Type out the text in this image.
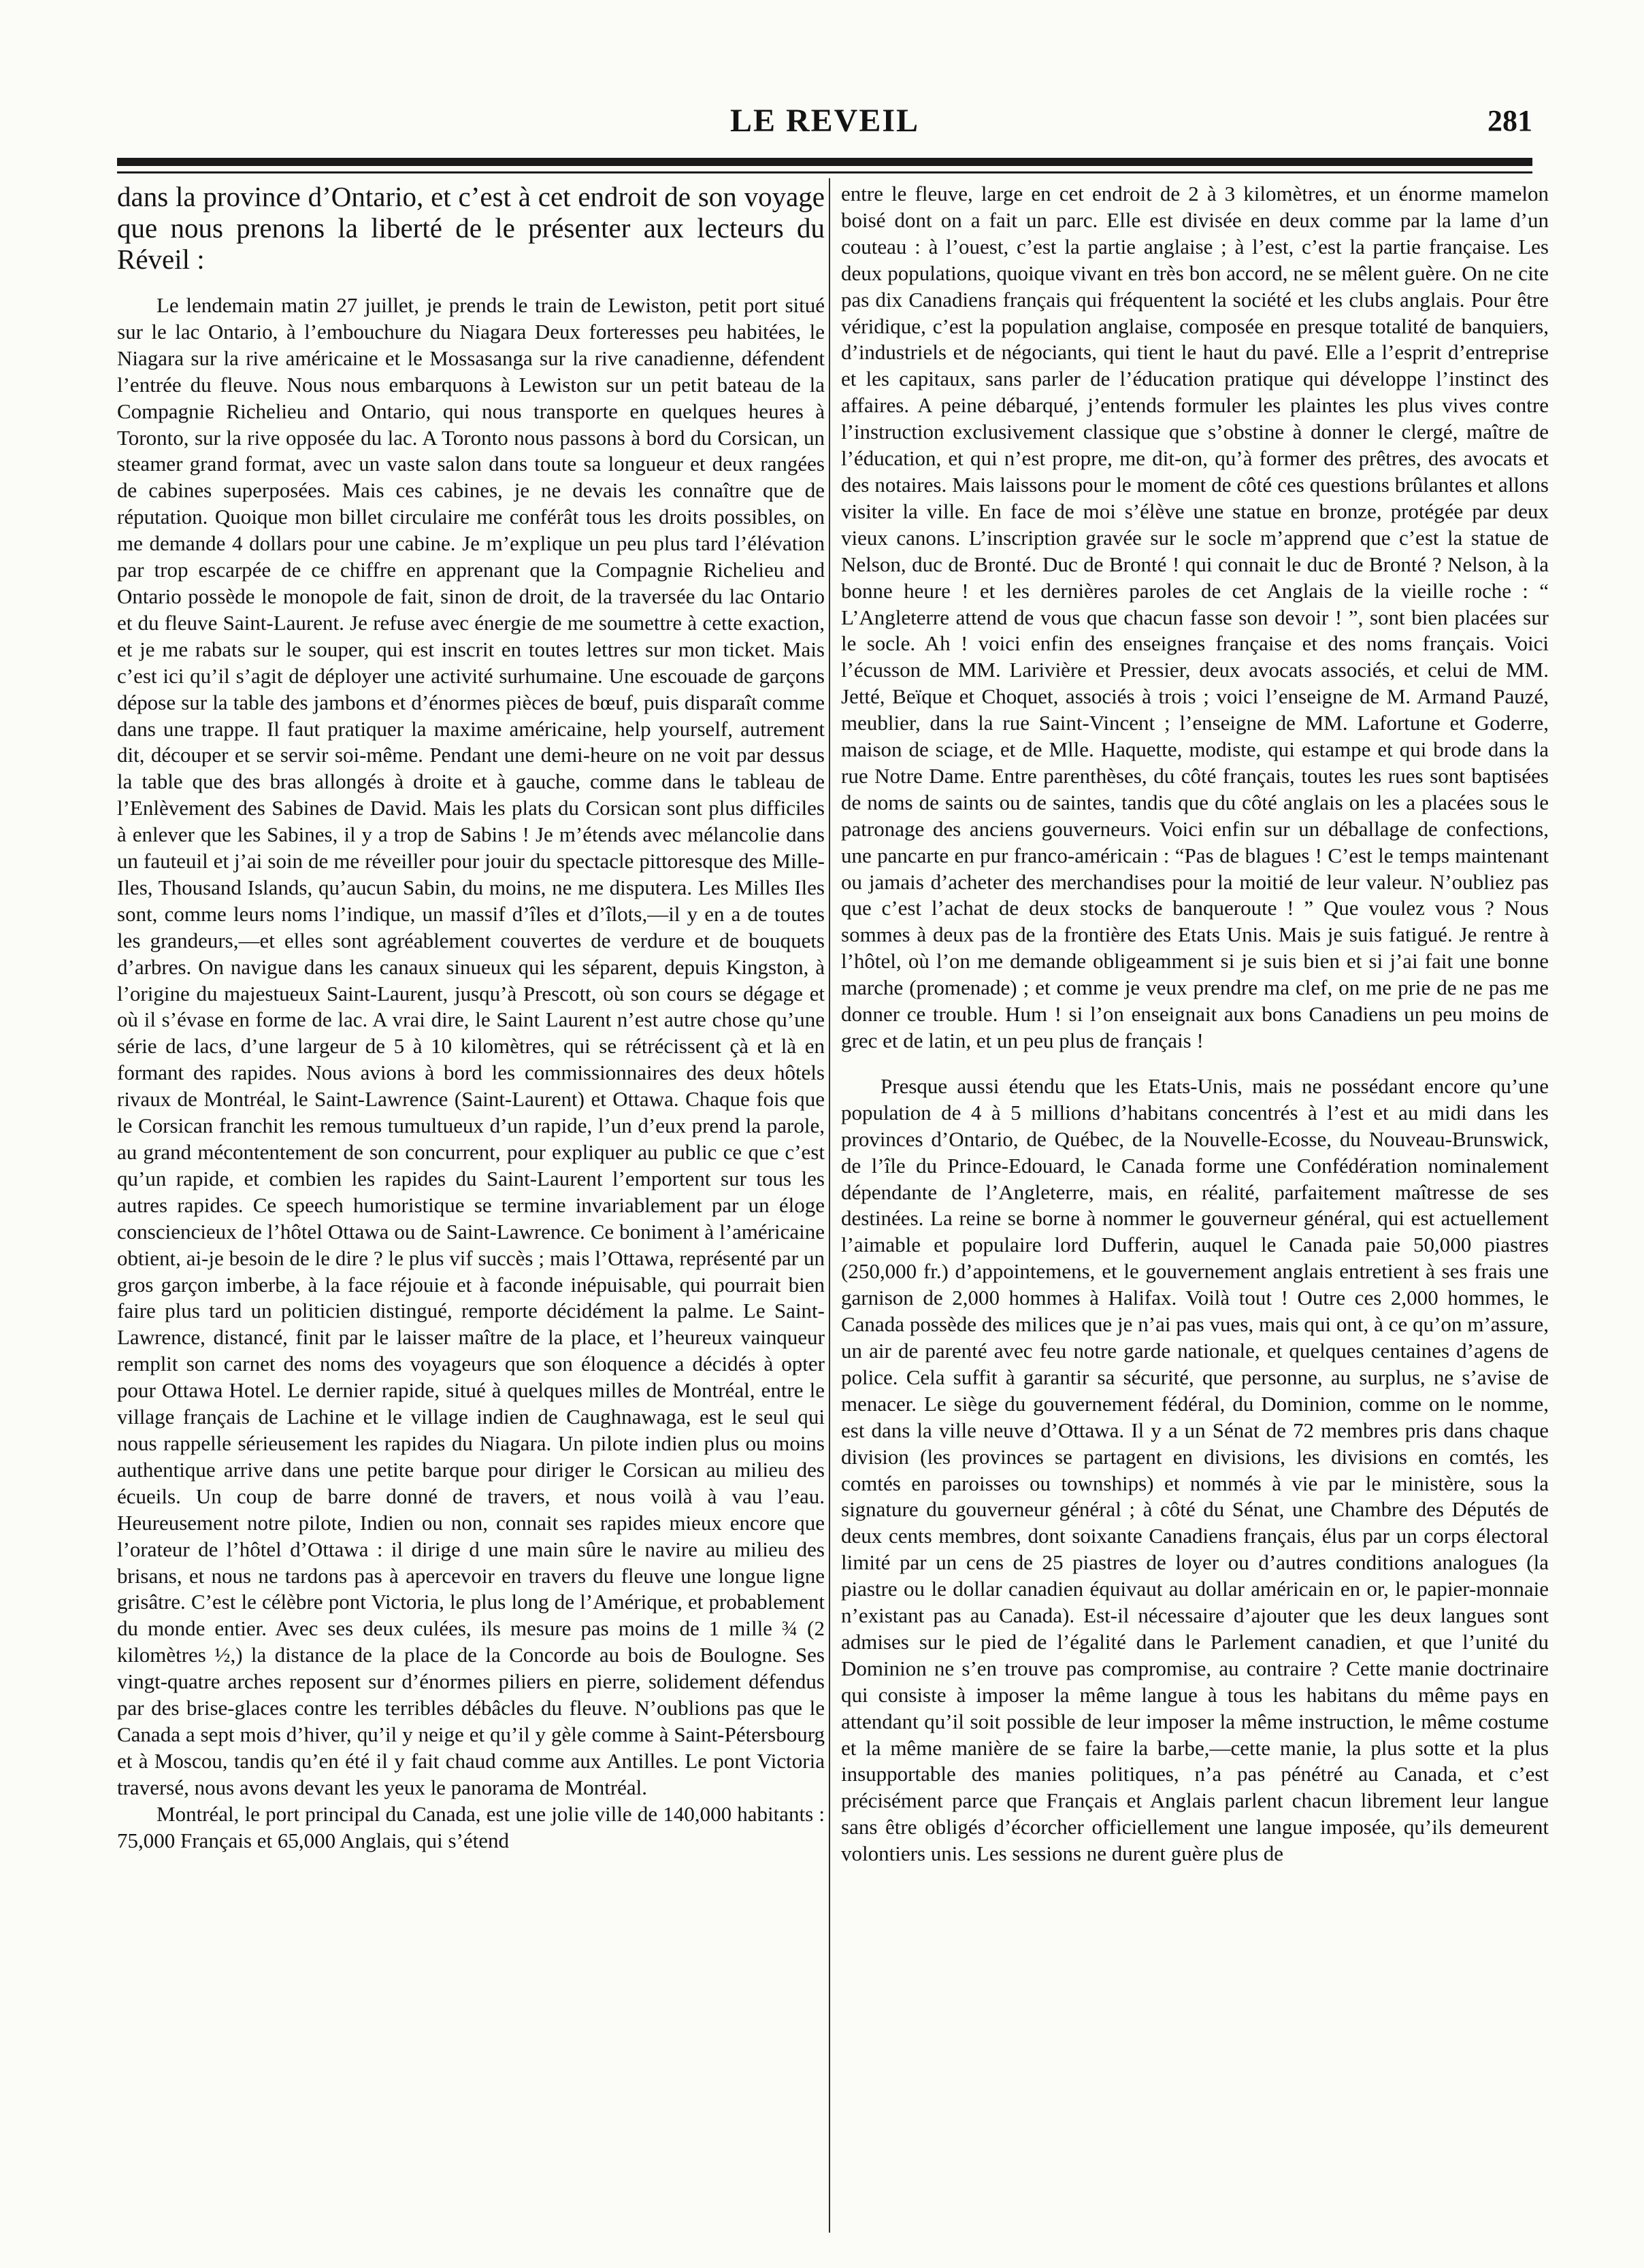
LE REVEIL	281

dans la province d’Ontario, et c’est à cet endroit de son voyage que nous prenons la liberté de le présenter aux lecteurs du Réveil :

Le lendemain matin 27 juillet, je prends le train de Lewiston, petit port situé sur le lac Ontario, à l’embouchure du Niagara Deux forteresses peu habitées, le Niagara sur la rive américaine et le Mossasanga sur la rive canadienne, défendent l’entrée du fleuve. Nous nous embarquons à Lewiston sur un petit bateau de la Compagnie Richelieu and Ontario, qui nous transporte en quelques heures à Toronto, sur la rive opposée du lac. A Toronto nous passons à bord du Corsican, un steamer grand format, avec un vaste salon dans toute sa longueur et deux rangées de cabines superposées. Mais ces cabines, je ne devais les connaître que de réputation. Quoique mon billet circulaire me conférât tous les droits possibles, on me demande 4 dollars pour une cabine. Je m’explique un peu plus tard l’élévation par trop escarpée de ce chiffre en apprenant que la Compagnie Richelieu and Ontario possède le monopole de fait, sinon de droit, de la traversée du lac Ontario et du fleuve Saint-Laurent. Je refuse avec énergie de me soumettre à cette exaction, et je me rabats sur le souper, qui est inscrit en toutes lettres sur mon ticket. Mais c’est ici qu’il s’agit de déployer une activité surhumaine. Une escouade de garçons dépose sur la table des jambons et d’énormes pièces de bœuf, puis disparaît comme dans une trappe. Il faut pratiquer la maxime américaine, help yourself, autrement dit, découper et se servir soi-même. Pendant une demi-heure on ne voit par dessus la table que des bras allongés à droite et à gauche, comme dans le tableau de l’Enlèvement des Sabines de David. Mais les plats du Corsican sont plus difficiles à enlever que les Sabines, il y a trop de Sabins ! Je m’étends avec mélancolie dans un fauteuil et j’ai soin de me réveiller pour jouir du spectacle pittoresque des Mille-Iles, Thousand Islands, qu’aucun Sabin, du moins, ne me disputera. Les Milles Iles sont, comme leurs noms l’indique, un massif d’îles et d’îlots,—il y en a de toutes les grandeurs,—et elles sont agréablement couvertes de verdure et de bouquets d’arbres. On navigue dans les canaux sinueux qui les séparent, depuis Kingston, à l’origine du majestueux Saint-Laurent, jusqu’à Prescott, où son cours se dégage et où il s’évase en forme de lac. A vrai dire, le Saint Laurent n’est autre chose qu’une série de lacs, d’une largeur de 5 à 10 kilomètres, qui se rétrécissent çà et là en formant des rapides. Nous avions à bord les commissionnaires des deux hôtels rivaux de Montréal, le Saint-Lawrence (Saint-Laurent) et Ottawa. Chaque fois que le Corsican franchit les remous tumultueux d’un rapide, l’un d’eux prend la parole, au grand mécontentement de son concurrent, pour expliquer au public ce que c’est qu’un rapide, et combien les rapides du Saint-Laurent l’emportent sur tous les autres rapides. Ce speech humoristique se termine invariablement par un éloge consciencieux de l’hôtel Ottawa ou de Saint-Lawrence. Ce boniment à l’américaine obtient, ai-je besoin de le dire ? le plus vif succès ; mais l’Ottawa, représenté par un gros garçon imberbe, à la face réjouie et à faconde inépuisable, qui pourrait bien faire plus tard un politicien distingué, remporte décidément la palme. Le Saint-Lawrence, distancé, finit par le laisser maître de la place, et l’heureux vainqueur remplit son carnet des noms des voyageurs que son éloquence a décidés à opter pour Ottawa Hotel. Le dernier rapide, situé à quelques milles de Montréal, entre le village français de Lachine et le village indien de Caughnawaga, est le seul qui nous rappelle sérieusement les rapides du Niagara. Un pilote indien plus ou moins authentique arrive dans une petite barque pour diriger le Corsican au milieu des écueils. Un coup de barre donné de travers, et nous voilà à vau l’eau. Heureusement notre pilote, Indien ou non, connait ses rapides mieux encore que l’orateur de l’hôtel d’Ottawa : il dirige d une main sûre le navire au milieu des brisans, et nous ne tardons pas à apercevoir en travers du fleuve une longue ligne grisâtre. C’est le célèbre pont Victoria, le plus long de l’Amérique, et probablement du monde entier. Avec ses deux culées, ils mesure pas moins de 1 mille ¾ (2 kilomètres ½,) la distance de la place de la Concorde au bois de Boulogne. Ses vingt-quatre arches reposent sur d’énormes piliers en pierre, solidement défendus par des brise-glaces contre les terribles débâcles du fleuve. N’oublions pas que le Canada a sept mois d’hiver, qu’il y neige et qu’il y gèle comme à Saint-Pétersbourg et à Moscou, tandis qu’en été il y fait chaud comme aux Antilles. Le pont Victoria traversé, nous avons devant les yeux le panorama de Montréal.

Montréal, le port principal du Canada, est une jolie ville de 140,000 habitants : 75,000 Français et 65,000 Anglais, qui s’étend

entre le fleuve, large en cet endroit de 2 à 3 kilomètres, et un énorme mamelon boisé dont on a fait un parc. Elle est divisée en deux comme par la lame d’un couteau : à l’ouest, c’est la partie anglaise ; à l’est, c’est la partie française. Les deux populations, quoique vivant en très bon accord, ne se mêlent guère. On ne cite pas dix Canadiens français qui fréquentent la société et les clubs anglais. Pour être véridique, c’est la population anglaise, composée en presque totalité de banquiers, d’industriels et de négociants, qui tient le haut du pavé. Elle a l’esprit d’entreprise et les capitaux, sans parler de l’éducation pratique qui développe l’instinct des affaires. A peine débarqué, j’entends formuler les plaintes les plus vives contre l’instruction exclusivement classique que s’obstine à donner le clergé, maître de l’éducation, et qui n’est propre, me dit-on, qu’à former des prêtres, des avocats et des notaires. Mais laissons pour le moment de côté ces questions brûlantes et allons visiter la ville. En face de moi s’élève une statue en bronze, protégée par deux vieux canons. L’inscription gravée sur le socle m’apprend que c’est la statue de Nelson, duc de Bronté. Duc de Bronté ! qui connait le duc de Bronté ? Nelson, à la bonne heure ! et les dernières paroles de cet Anglais de la vieille roche : “ L’Angleterre attend de vous que chacun fasse son devoir ! ”, sont bien placées sur le socle. Ah ! voici enfin des enseignes française et des noms français. Voici l’écusson de MM. Larivière et Pressier, deux avocats associés, et celui de MM. Jetté, Beïque et Choquet, associés à trois ; voici l’enseigne de M. Armand Pauzé, meublier, dans la rue Saint-Vincent ; l’enseigne de MM. Lafortune et Goderre, maison de sciage, et de Mlle. Haquette, modiste, qui estampe et qui brode dans la rue Notre Dame. Entre parenthèses, du côté français, toutes les rues sont baptisées de noms de saints ou de saintes, tandis que du côté anglais on les a placées sous le patronage des anciens gouverneurs. Voici enfin sur un déballage de confections, une pancarte en pur franco-américain : “Pas de blagues ! C’est le temps maintenant ou jamais d’acheter des merchandises pour la moitié de leur valeur. N’oubliez pas que c’est l’achat de deux stocks de banqueroute ! ” Que voulez vous ? Nous sommes à deux pas de la frontière des Etats Unis. Mais je suis fatigué. Je rentre à l’hôtel, où l’on me demande obligeamment si je suis bien et si j’ai fait une bonne marche (promenade) ; et comme je veux prendre ma clef, on me prie de ne pas me donner ce trouble. Hum ! si l’on enseignait aux bons Canadiens un peu moins de grec et de latin, et un peu plus de français !

Presque aussi étendu que les Etats-Unis, mais ne possédant encore qu’une population de 4 à 5 millions d’habitans concentrés à l’est et au midi dans les provinces d’Ontario, de Québec, de la Nouvelle-Ecosse, du Nouveau-Brunswick, de l’île du Prince-Edouard, le Canada forme une Confédération nominalement dépendante de l’Angleterre, mais, en réalité, parfaitement maîtresse de ses destinées. La reine se borne à nommer le gouverneur général, qui est actuellement l’aimable et populaire lord Dufferin, auquel le Canada paie 50,000 piastres (250,000 fr.) d’appointemens, et le gouvernement anglais entretient à ses frais une garnison de 2,000 hommes à Halifax. Voilà tout ! Outre ces 2,000 hommes, le Canada possède des milices que je n’ai pas vues, mais qui ont, à ce qu’on m’assure, un air de parenté avec feu notre garde nationale, et quelques centaines d’agens de police. Cela suffit à garantir sa sécurité, que personne, au surplus, ne s’avise de menacer. Le siège du gouvernement fédéral, du Dominion, comme on le nomme, est dans la ville neuve d’Ottawa. Il y a un Sénat de 72 membres pris dans chaque division (les provinces se partagent en divisions, les divisions en comtés, les comtés en paroisses ou townships) et nommés à vie par le ministère, sous la signature du gouverneur général ; à côté du Sénat, une Chambre des Députés de deux cents membres, dont soixante Canadiens français, élus par un corps électoral limité par un cens de 25 piastres de loyer ou d’autres conditions analogues (la piastre ou le dollar canadien équivaut au dollar américain en or, le papier-monnaie n’existant pas au Canada). Est-il nécessaire d’ajouter que les deux langues sont admises sur le pied de l’égalité dans le Parlement canadien, et que l’unité du Dominion ne s’en trouve pas compromise, au contraire ? Cette manie doctrinaire qui consiste à imposer la même langue à tous les habitans du même pays en attendant qu’il soit possible de leur imposer la même instruction, le même costume et la même manière de se faire la barbe,—cette manie, la plus sotte et la plus insupportable des manies politiques, n’a pas pénétré au Canada, et c’est précisément parce que Français et Anglais parlent chacun librement leur langue sans être obligés d’écorcher officiellement une langue imposée, qu’ils demeurent volontiers unis. Les sessions ne durent guère plus de
